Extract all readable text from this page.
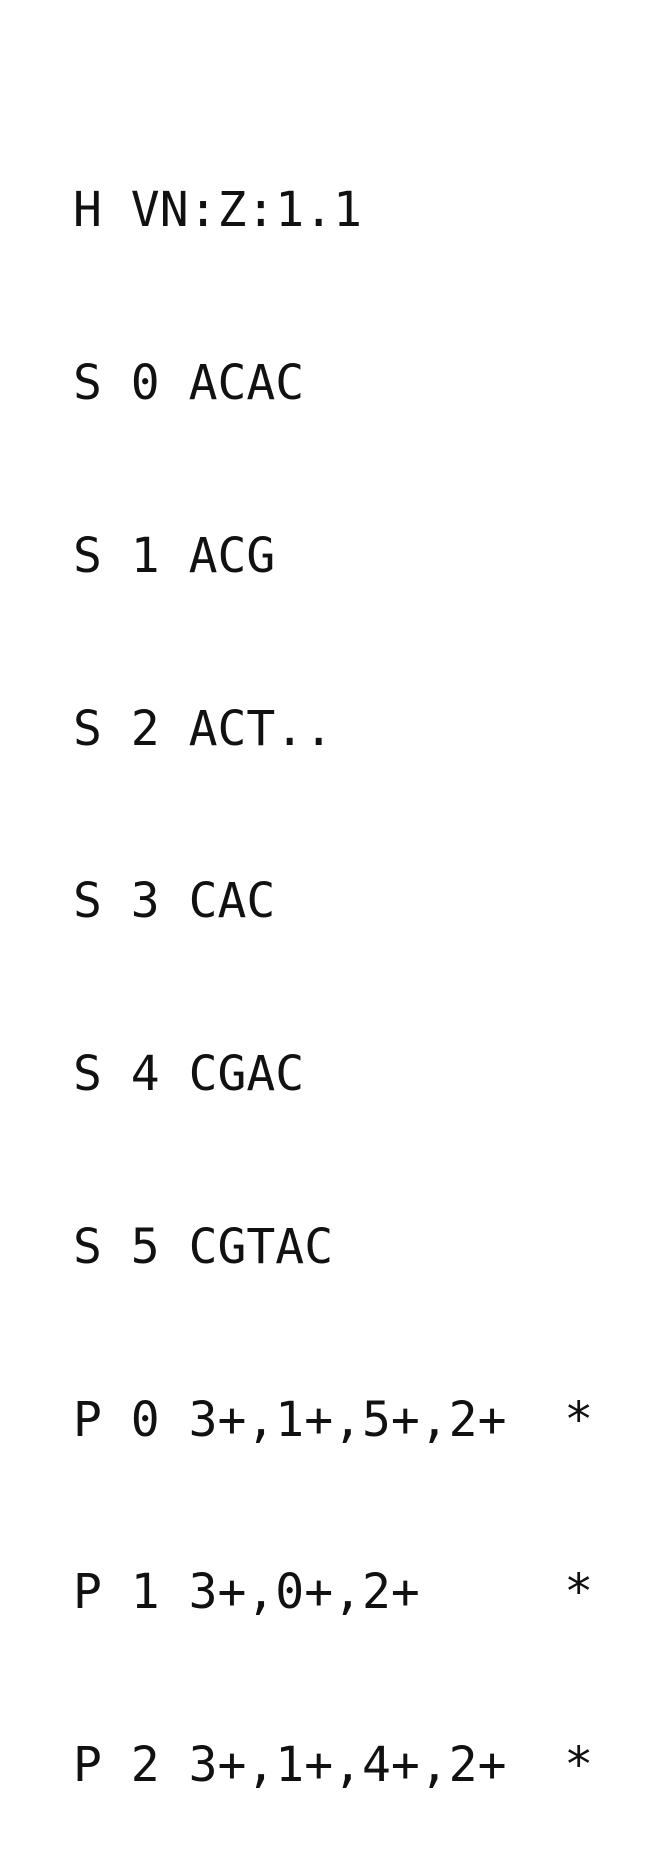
H VN:Z:1.1

S 0 ACAC

S 1 ACG

S 2 ACT..

S 3 CAC

S 4 CGAC

S 5 CGTAC

P 0 3+,1+,5+,2+  *

P 1 3+,0+,2+     *

P 2 3+,1+,4+,2+  *
